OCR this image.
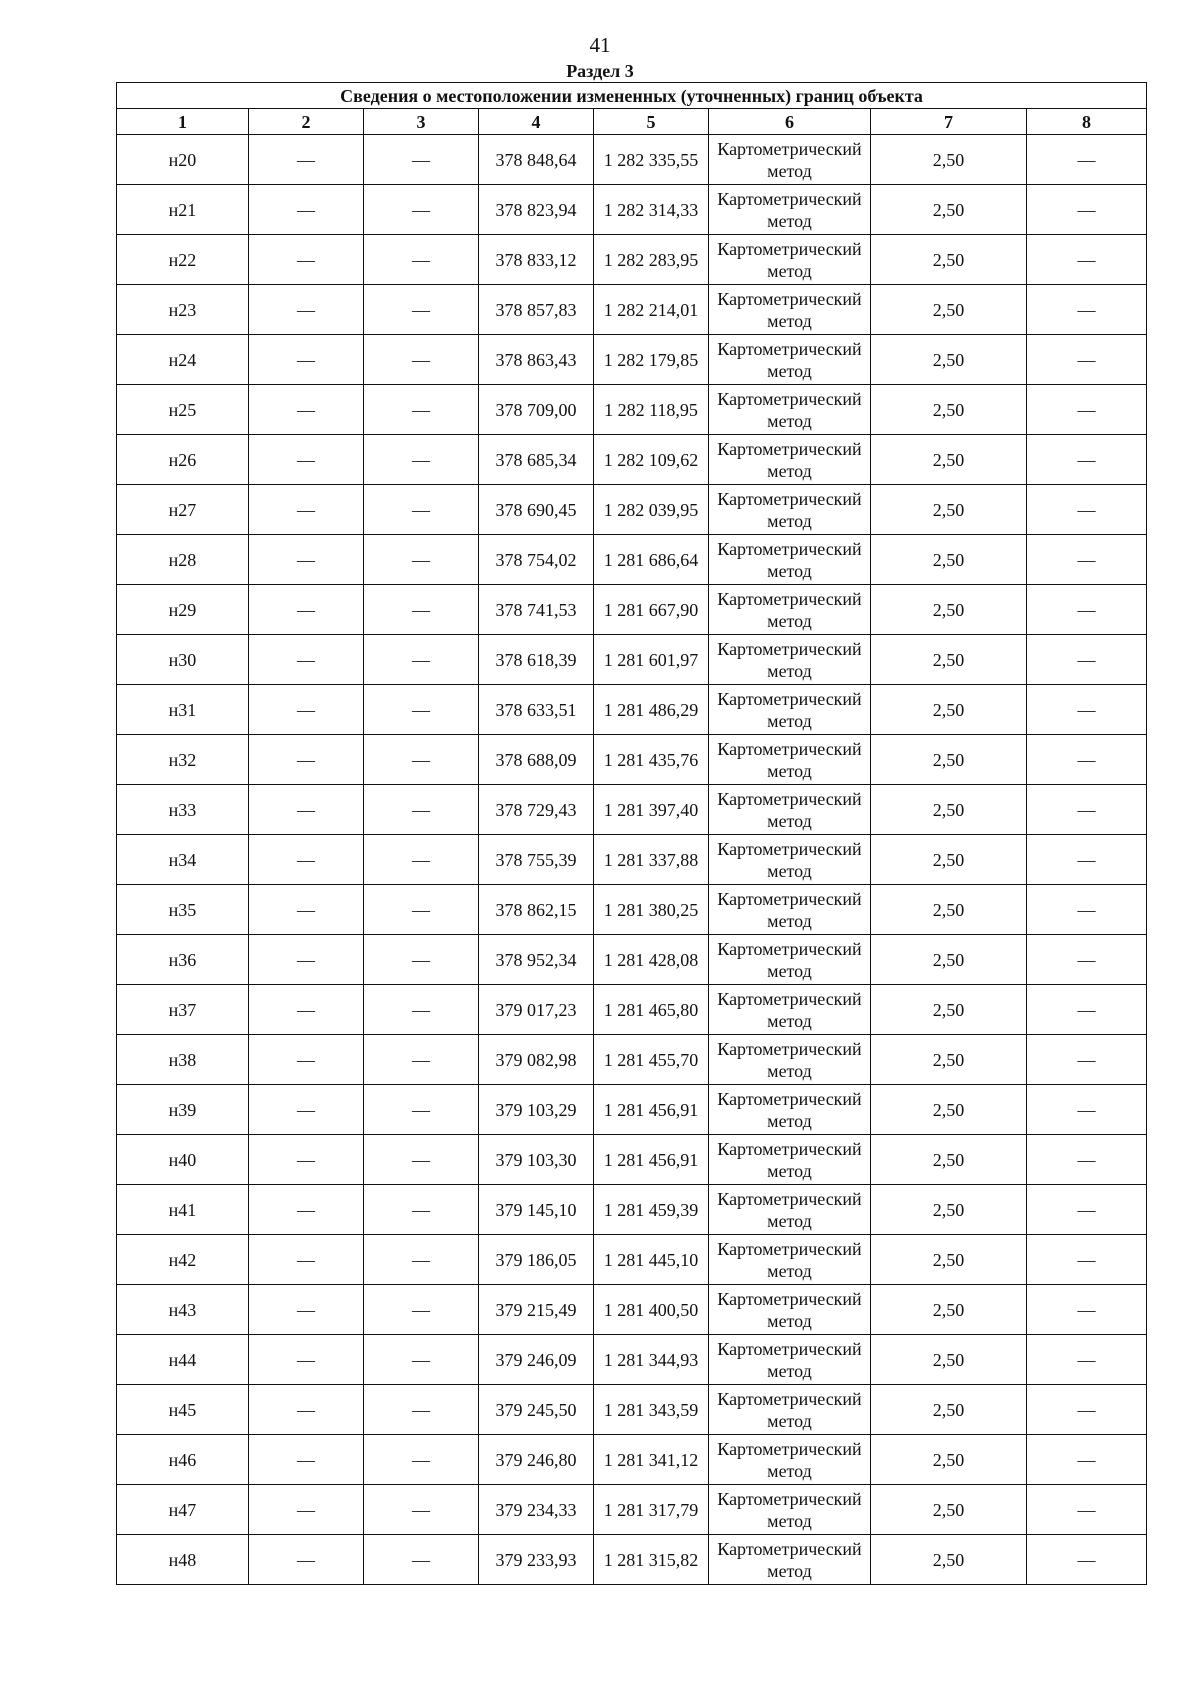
41
Раздел 3
Сведения о местоположении измененных (уточненных) границ объекта							
1	2	3	4	5	6	7	8
н20	—	—	378 848,64	1 282 335,55	Картометрический метод	2,50	—
н21	—	—	378 823,94	1 282 314,33	Картометрический метод	2,50	—
н22	—	—	378 833,12	1 282 283,95	Картометрический метод	2,50	—
н23	—	—	378 857,83	1 282 214,01	Картометрический метод	2,50	—
н24	—	—	378 863,43	1 282 179,85	Картометрический метод	2,50	—
н25	—	—	378 709,00	1 282 118,95	Картометрический метод	2,50	—
н26	—	—	378 685,34	1 282 109,62	Картометрический метод	2,50	—
н27	—	—	378 690,45	1 282 039,95	Картометрический метод	2,50	—
н28	—	—	378 754,02	1 281 686,64	Картометрический метод	2,50	—
н29	—	—	378 741,53	1 281 667,90	Картометрический метод	2,50	—
н30	—	—	378 618,39	1 281 601,97	Картометрический метод	2,50	—
н31	—	—	378 633,51	1 281 486,29	Картометрический метод	2,50	—
н32	—	—	378 688,09	1 281 435,76	Картометрический метод	2,50	—
н33	—	—	378 729,43	1 281 397,40	Картометрический метод	2,50	—
н34	—	—	378 755,39	1 281 337,88	Картометрический метод	2,50	—
н35	—	—	378 862,15	1 281 380,25	Картометрический метод	2,50	—
н36	—	—	378 952,34	1 281 428,08	Картометрический метод	2,50	—
н37	—	—	379 017,23	1 281 465,80	Картометрический метод	2,50	—
н38	—	—	379 082,98	1 281 455,70	Картометрический метод	2,50	—
н39	—	—	379 103,29	1 281 456,91	Картометрический метод	2,50	—
н40	—	—	379 103,30	1 281 456,91	Картометрический метод	2,50	—
н41	—	—	379 145,10	1 281 459,39	Картометрический метод	2,50	—
н42	—	—	379 186,05	1 281 445,10	Картометрический метод	2,50	—
н43	—	—	379 215,49	1 281 400,50	Картометрический метод	2,50	—
н44	—	—	379 246,09	1 281 344,93	Картометрический метод	2,50	—
н45	—	—	379 245,50	1 281 343,59	Картометрический метод	2,50	—
н46	—	—	379 246,80	1 281 341,12	Картометрический метод	2,50	—
н47	—	—	379 234,33	1 281 317,79	Картометрический метод	2,50	—
н48	—	—	379 233,93	1 281 315,82	Картометрический метод	2,50	—
